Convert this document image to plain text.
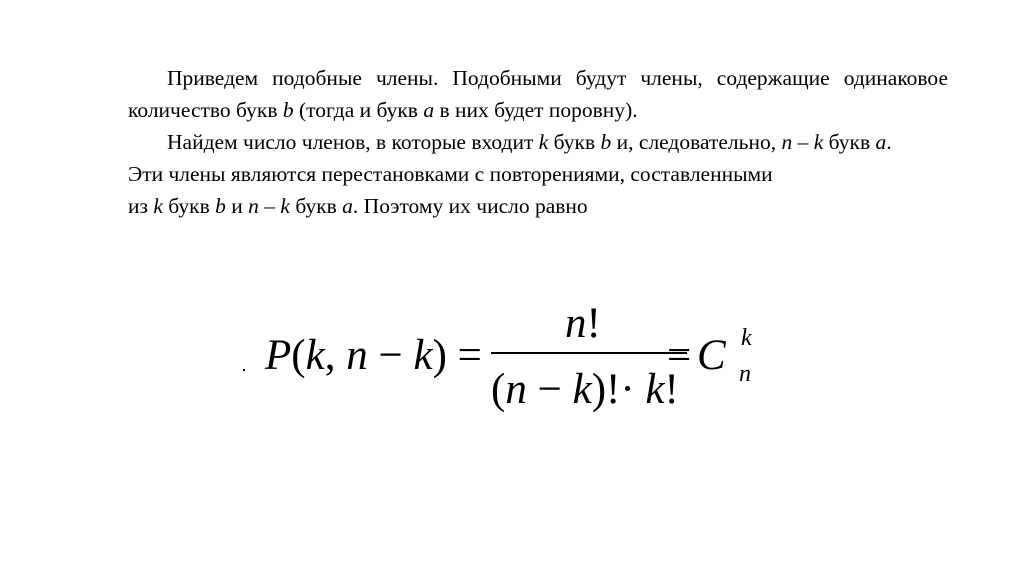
Приведем подобные члены. Подобными будут члены, содержащие одинаковое количество букв b (тогда и букв a в них будет поровну).

Найдем число членов, в которые входит k букв b и, следовательно, n – k букв a.

Эти члены являются перестановками с повторениями, составленными

из k букв b и n – k букв a. Поэтому их число равно

P(k, n − k) =
n!
(n − k)!· k!
= C k
n
